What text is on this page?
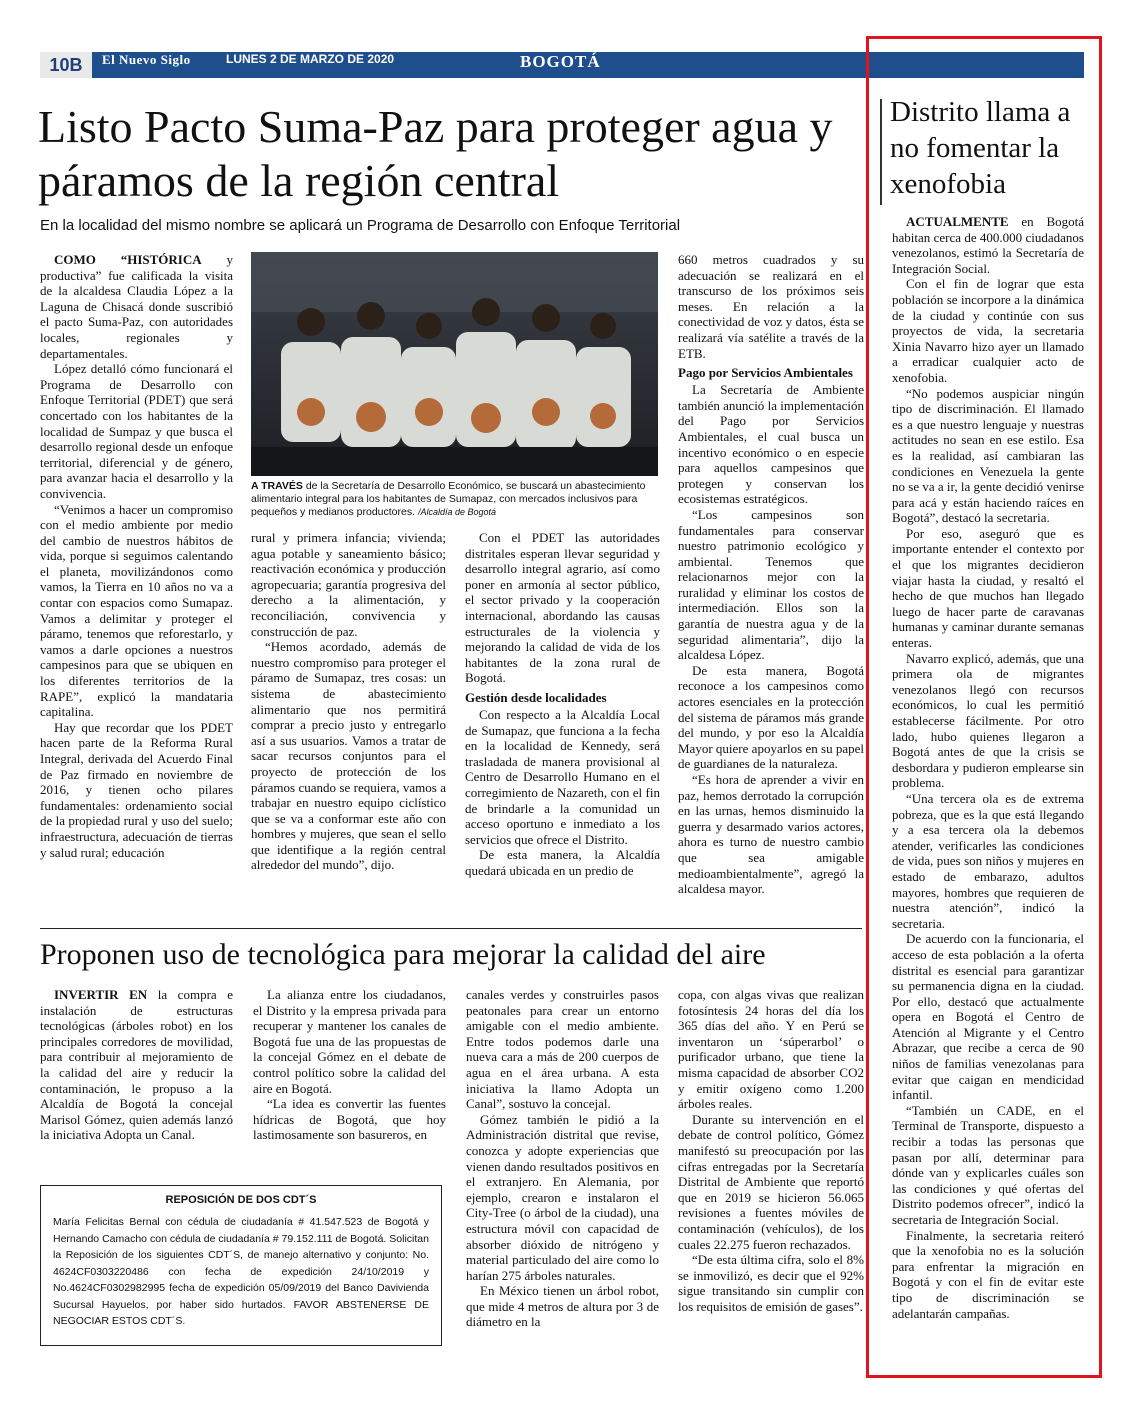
10B	El Nuevo Siglo	LUNES 2 DE MARZO DE 2020	BOGOTÁ
Listo Pacto Suma-Paz para proteger agua y páramos de la región central
En la localidad del mismo nombre se aplicará un Programa de Desarrollo con Enfoque Territorial

COMO “HISTÓRICA y productiva” fue calificada la visita de la alcaldesa Claudia López a la Laguna de Chisacá donde suscribió el pacto Suma-Paz, con autoridades locales, regionales y departamentales.

López detalló cómo funcionará el Programa de Desarrollo con Enfoque Territorial (PDET) que será concertado con los habitantes de la localidad de Sumpaz y que busca el desarrollo regional desde un enfoque territorial, diferencial y de género, para avanzar hacia el desarrollo y la convivencia.

“Venimos a hacer un compromiso con el medio ambiente por medio del cambio de nuestros hábitos de vida, porque si seguimos calentando el planeta, movilizándonos como vamos, la Tierra en 10 años no va a contar con espacios como Sumapaz. Vamos a delimitar y proteger el páramo, tenemos que reforestarlo, y vamos a darle opciones a nuestros campesinos para que se ubiquen en los diferentes territorios de la RAPE”, explicó la mandataria capitalina.

Hay que recordar que los PDET hacen parte de la Reforma Rural Integral, derivada del Acuerdo Final de Paz firmado en noviembre de 2016, y tienen ocho pilares fundamentales: ordenamiento social de la propiedad rural y uso del suelo; infraestructura, adecuación de tierras y salud rural; educación

A TRAVÉS de la Secretaría de Desarrollo Económico, se buscará un abastecimiento alimentario integral para los habitantes de Sumapaz, con mercados inclusivos para pequeños y medianos productores. /Alcaldía de Bogotá

rural y primera infancia; vivienda; agua potable y saneamiento básico; reactivación económica y producción agropecuaria; garantía progresiva del derecho a la alimentación, y reconciliación, convivencia y construcción de paz.

“Hemos acordado, además de nuestro compromiso para proteger el páramo de Sumapaz, tres cosas: un sistema de abastecimiento alimentario que nos permitirá comprar a precio justo y entregarlo así a sus usuarios. Vamos a tratar de sacar recursos conjuntos para el proyecto de protección de los páramos cuando se requiera, vamos a trabajar en nuestro equipo ciclístico que se va a conformar este año con hombres y mujeres, que sean el sello que identifique a la región central alrededor del mundo”, dijo.

Con el PDET las autoridades distritales esperan llevar seguridad y desarrollo integral agrario, así como poner en armonía al sector público, el sector privado y la cooperación internacional, abordando las causas estructurales de la violencia y mejorando la calidad de vida de los habitantes de la zona rural de Bogotá.

Gestión desde localidades

Con respecto a la Alcaldía Local de Sumapaz, que funciona a la fecha en la localidad de Kennedy, será trasladada de manera provisional al Centro de Desarrollo Humano en el corregimiento de Nazareth, con el fin de brindarle a la comunidad un acceso oportuno e inmediato a los servicios que ofrece el Distrito.

De esta manera, la Alcaldía quedará ubicada en un predio de

660 metros cuadrados y su adecuación se realizará en el transcurso de los próximos seis meses. En relación a la conectividad de voz y datos, ésta se realizará vía satélite a través de la ETB.

Pago por Servicios Ambientales

La Secretaría de Ambiente también anunció la implementación del Pago por Servicios Ambientales, el cual busca un incentivo económico o en especie para aquellos campesinos que protegen y conservan los ecosistemas estratégicos.

“Los campesinos son fundamentales para conservar nuestro patrimonio ecológico y ambiental. Tenemos que relacionarnos mejor con la ruralidad y eliminar los costos de intermediación. Ellos son la garantía de nuestra agua y de la seguridad alimentaria”, dijo la alcaldesa López.

De esta manera, Bogotá reconoce a los campesinos como actores esenciales en la protección del sistema de páramos más grande del mundo, y por eso la Alcaldía Mayor quiere apoyarlos en su papel de guardianes de la naturaleza.

“Es hora de aprender a vivir en paz, hemos derrotado la corrupción en las urnas, hemos disminuido la guerra y desarmado varios actores, ahora es turno de nuestro cambio que sea amigable medioambientalmente”, agregó la alcaldesa mayor.

Proponen uso de tecnológica para mejorar la calidad del aire

INVERTIR EN la compra e instalación de estructuras tecnológicas (árboles robot) en los principales corredores de movilidad, para contribuir al mejoramiento de la calidad del aire y reducir la contaminación, le propuso a la Alcaldía de Bogotá la concejal Marisol Gómez, quien además lanzó la iniciativa Adopta un Canal.

La alianza entre los ciudadanos, el Distrito y la empresa privada para recuperar y mantener los canales de Bogotá fue una de las propuestas de la concejal Gómez en el debate de control político sobre la calidad del aire en Bogotá.

“La idea es convertir las fuentes hídricas de Bogotá, que hoy lastimosamente son basureros, en

canales verdes y construirles pasos peatonales para crear un entorno amigable con el medio ambiente. Entre todos podemos darle una nueva cara a más de 200 cuerpos de agua en el área urbana. A esta iniciativa la llamo Adopta un Canal”, sostuvo la concejal.

Gómez también le pidió a la Administración distrital que revise, conozca y adopte experiencias que vienen dando resultados positivos en el extranjero. En Alemania, por ejemplo, crearon e instalaron el City-Tree (o árbol de la ciudad), una estructura móvil con capacidad de absorber dióxido de nitrógeno y material particulado del aire como lo harían 275 árboles naturales.

En México tienen un árbol robot, que mide 4 metros de altura por 3 de diámetro en la

copa, con algas vivas que realizan fotosíntesis 24 horas del día los 365 días del año. Y en Perú se inventaron un ‘súperarbol’ o purificador urbano, que tiene la misma capacidad de absorber CO2 y emitir oxígeno como 1.200 árboles reales.

Durante su intervención en el debate de control político, Gómez manifestó su preocupación por las cifras entregadas por la Secretaría Distrital de Ambiente que reportó que en 2019 se hicieron 56.065 revisiones a fuentes móviles de contaminación (vehículos), de los cuales 22.275 fueron rechazados.

“De esta última cifra, solo el 8% se inmovilizó, es decir que el 92% sigue transitando sin cumplir con los requisitos de emisión de gases”.

REPOSICIÓN DE DOS CDT´S
María Felicitas Bernal con cédula de ciudadanía # 41.547.523 de Bogotá y Hernando Camacho con cédula de ciudadanía # 79.152.111 de Bogotá. Solicitan la Reposición de los siguientes CDT´S, de manejo alternativo y conjunto: No. 4624CF0303220486 con fecha de expedición 24/10/2019 y No.4624CF0302982995 fecha de expedición 05/09/2019 del Banco Davivienda Sucursal Hayuelos, por haber sido hurtados. FAVOR ABSTENERSE DE NEGOCIAR ESTOS CDT´S.
Distrito llama a no fomentar la xenofobia

ACTUALMENTE en Bogotá habitan cerca de 400.000 ciudadanos venezolanos, estimó la Secretaría de Integración Social.

Con el fin de lograr que esta población se incorpore a la dinámica de la ciudad y continúe con sus proyectos de vida, la secretaria Xinia Navarro hizo ayer un llamado a erradicar cualquier acto de xenofobia.

“No podemos auspiciar ningún tipo de discriminación. El llamado es a que nuestro lenguaje y nuestras actitudes no sean en ese estilo. Esa es la realidad, así cambiaran las condiciones en Venezuela la gente no se va a ir, la gente decidió venirse para acá y están haciendo raíces en Bogotá”, destacó la secretaria.

Por eso, aseguró que es importante entender el contexto por el que los migrantes decidieron viajar hasta la ciudad, y resaltó el hecho de que muchos han llegado luego de hacer parte de caravanas humanas y caminar durante semanas enteras.

Navarro explicó, además, que una primera ola de migrantes venezolanos llegó con recursos económicos, lo cual les permitió establecerse fácilmente. Por otro lado, hubo quienes llegaron a Bogotá antes de que la crisis se desbordara y pudieron emplearse sin problema.

“Una tercera ola es de extrema pobreza, que es la que está llegando y a esa tercera ola la debemos atender, verificarles las condiciones de vida, pues son niños y mujeres en estado de embarazo, adultos mayores, hombres que requieren de nuestra atención”, indicó la secretaria.

De acuerdo con la funcionaria, el acceso de esta población a la oferta distrital es esencial para garantizar su permanencia digna en la ciudad. Por ello, destacó que actualmente opera en Bogotá el Centro de Atención al Migrante y el Centro Abrazar, que recibe a cerca de 90 niños de familias venezolanas para evitar que caigan en mendicidad infantil.

“También un CADE, en el Terminal de Transporte, dispuesto a recibir a todas las personas que pasan por allí, determinar para dónde van y explicarles cuáles son las condiciones y qué ofertas del Distrito podemos ofrecer”, indicó la secretaria de Integración Social.

Finalmente, la secretaria reiteró que la xenofobia no es la solución para enfrentar la migración en Bogotá y con el fin de evitar este tipo de discriminación se adelantarán campañas.
